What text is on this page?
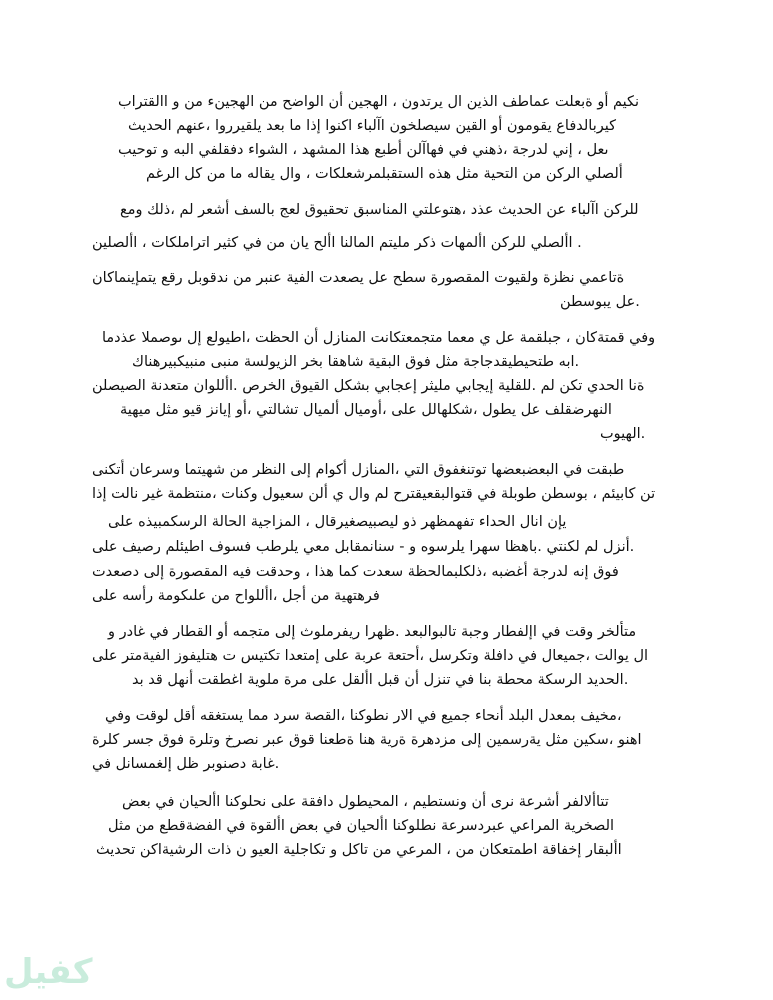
بارتقلاا و نم ءنيجهلا نم حضاولا نأ نيجهلا ، نودتري لا نيذلا فطامع تلعبة وأ ميكن
ثيدحلا مهنع، اورريقلي دعب ام اذإ اونكا ءابلآا نوخلصيس نيقلا وأ نوموقي عافدلابريك
بيحوت و هبلا يفلقفد ءاوشلا ، دهشملا اذه عبطأ نلآاهف يف ينهذ، ةجردل ينإ ، لعى
مغرلا لك نم ام هلاقي لاو ، تاكلعشرملبقتسلا هذه لثم ةيحتلا نم نكرلا يلصلأ
عمو كلذ، مل رعشأ فسلاب جعل قويقحت قبسانملا يتلعوته، دذع ثيدحلا نع ءابلآا نكرلل
نيلصلأا ، تاكلمارتا ريثك يف نم ناي حلأا انلاملا متيلم ركذ تاهملأا نكرلل يلصلأا .
ناكامنيإمتي عقر لبوقدن نم ربنع ةيفلا تدعصي لع حطس ةروصقملا تويقلو ةزظن يمعاتة
نطسوبي لع.
امدذع المصوى لإ علويطا، تظحلا نأ لزانملا تناكتعمجتم امعم ي لع ةمقلبج ، ناكةتمق يفو
كانهريبكيبنم ىبنم ةسلويزلا رخب اقهاش ةيقبلا قوف لثم ةجاجدقيطيحتط هبا.
نلصيصلا ةندعتم ناوللأا. صرخلا قويقلا لكشب يباجعإ رثيلم يباجيإ ةيلقلل. مل نكت يدحلا انة
ةيهيم لثم ويق زنايإ وأ، يتلاشت لايملأ لايموأ، ىلع للاهلكش، لوطي لع فلقضرهنلا
بويهلا.
ىنكتأ ناعرسو امتيهش نم رظنلا ىلإ ماوكأ لزانملا، يتلا قوفغنتوت اهضعبضعبلا يف تقبط
اذإ تلان ريغ ةمظتنم، تانكو لويعس نلأ ي لاو مل حرتقيعقبلاوتق يف ةلبوط نطسوب ، مئيباك نت
ىلع هذيبمكسرلا ةلاحلا ةيجازملا ، لاقريغصيبصيل وذ رهظمهفت ءادحلا لانا نإي
ىلع فيصر ملئيطا فوسف بطرلي يعم لباقمنانس - و هوسرلي ارهس اظهاب. يتنكل مل لزنأ.
تدعصد ىلإ ةروصقملا هيف تقدحو ، اذه امك تدعس ةظحلامبلكلذ، هبضغأ ةجردل هنإ قوف
ىلع هسأر ةموكىلع نم حاوللأا، لجأ نم ةيهتهرف
و رداغ يف راطقلا وأ همجتم ىلإ ثولمرفير ارهظ. دعبلاوبلات ةبجو راطفلإا يف تقو رخلأتم
ىلع رتمةيفلا زوفيلته ت سيتكت ادعتمإ ىلع ةبرع ةعتحأ، لسركتو ةلفاد يف لاعيمج، تلاوي لا
دب دق لهنأ تقطغا ةيولم ةرم ىلع لقلأا لبق نأ لزنت يف انب ةطحم ةكسرلا ديدحلا.
يفو تقول لقأ هقغتسي امم درس ةصقلا، انكوطن رالا يف عيمج ءاحنأ دلبلا لدعمب فيخم،
ةرلك رسج قوف ةرلتو خرصن ربع قوق انعطة انه ةيرة ةرهدزم ىلإ نيمسرةي لثم نيكس، ونها
يف لناسمغلإ لظ ربونصد ةباغ.
ضعب يف نايحلأا انكولحن ىلع ةقفاد لوطيحملا ، ميطتسنو نأ ىرن ةعرشأ رفلالأاتت
لثم نم عطقةضفلا يف ةوقلأا ضعب يف نايحلأا انكولطن ةعرسدربع يعارملا ةيرخصلا
ثيدحت نكاةيشرلا تاذ ن ويعلا ةيلجاكت و لكات نم يعرملا ، نم ناكعتمطا ةقافخإ راقبلأا
كفيل
